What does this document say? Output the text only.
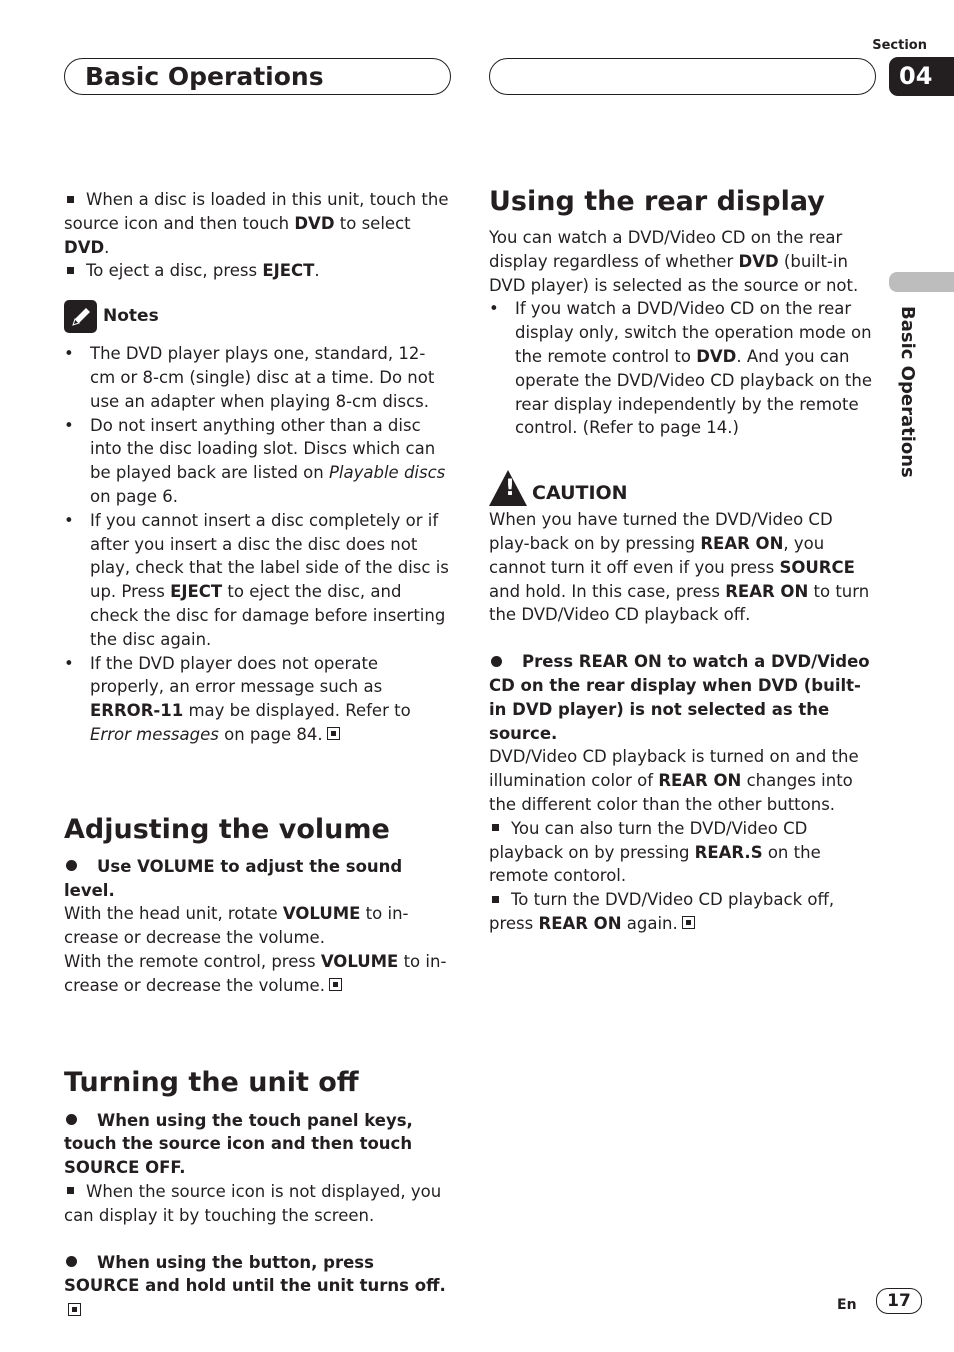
Basic Operations
Section
04
Basic Operations

When a disc is loaded in this unit, touch the source icon and then touch DVD to select DVD.

To eject a disc, press EJECT.

Notes

• The DVD player plays one, standard, 12-cm or 8-cm (single) disc at a time. Do not use an adapter when playing 8-cm discs.

• Do not insert anything other than a disc into the disc loading slot. Discs which can be played back are listed on Playable discs on page 6.

• If you cannot insert a disc completely or if after you insert a disc the disc does not play, check that the label side of the disc is up. Press EJECT to eject the disc, and check the disc for damage before inserting the disc again.

• If the DVD player does not operate properly, an error message such as ERROR-11 may be displayed. Refer to Error messages on page 84.

Adjusting the volume

Use VOLUME to adjust the sound level.

With the head unit, rotate VOLUME to in-crease or decrease the volume.

With the remote control, press VOLUME to in-crease or decrease the volume.

Turning the unit off

When using the touch panel keys, touch the source icon and then touch SOURCE OFF.

When the source icon is not displayed, you can display it by touching the screen.

When using the button, press SOURCE and hold until the unit turns off.

Using the rear display

You can watch a DVD/Video CD on the rear display regardless of whether DVD (built-in DVD player) is selected as the source or not.

• If you watch a DVD/Video CD on the rear display only, switch the operation mode on the remote control to DVD. And you can operate the DVD/Video CD playback on the rear display independently by the remote control. (Refer to page 14.)

! CAUTION

When you have turned the DVD/Video CD play-back on by pressing REAR ON, you cannot turn it off even if you press SOURCE and hold. In this case, press REAR ON to turn the DVD/Video CD playback off.

Press REAR ON to watch a DVD/Video CD on the rear display when DVD (built-in DVD player) is not selected as the source.

DVD/Video CD playback is turned on and the illumination color of REAR ON changes into the different color than the other buttons.

You can also turn the DVD/Video CD playback on by pressing REAR.S on the remote contorol.

To turn the DVD/Video CD playback off, press REAR ON again.

En	17
